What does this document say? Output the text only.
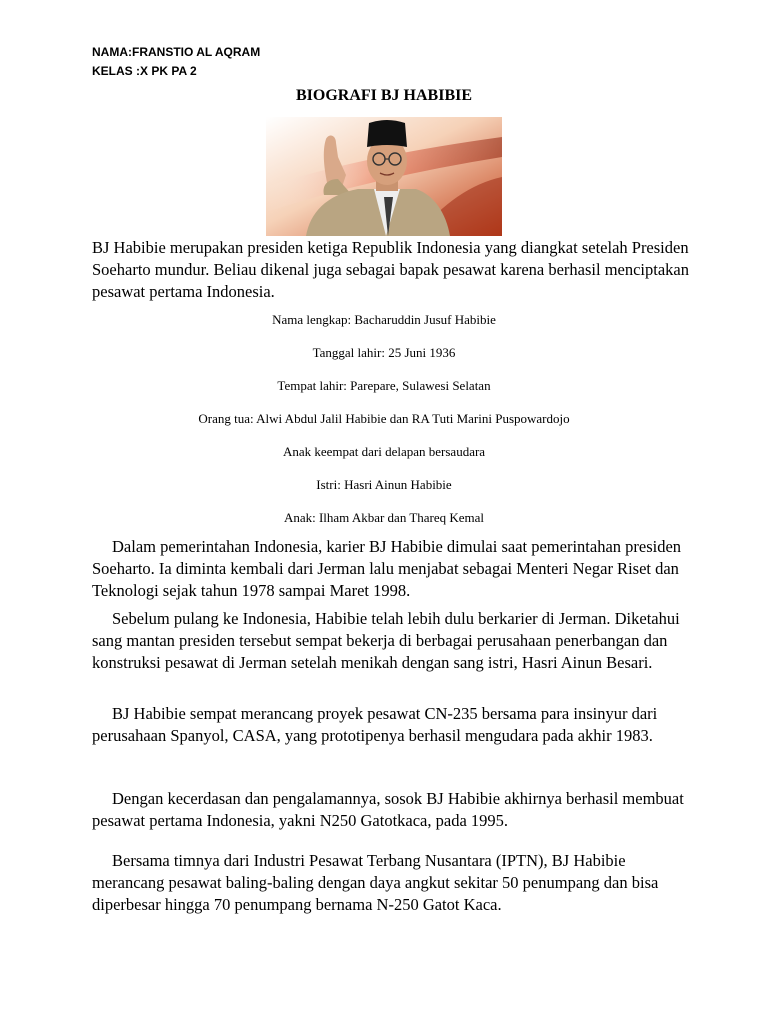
NAMA:FRANSTIO AL AQRAM
KELAS :X PK PA 2
BIOGRAFI BJ HABIBIE
BJ Habibie merupakan presiden ketiga Republik Indonesia yang diangkat setelah Presiden Soeharto mundur. Beliau dikenal juga sebagai bapak pesawat karena berhasil menciptakan pesawat pertama Indonesia.
Nama lengkap: Bacharuddin Jusuf Habibie
Tanggal lahir: 25 Juni 1936
Tempat lahir: Parepare, Sulawesi Selatan
Orang tua: Alwi Abdul Jalil Habibie dan RA Tuti Marini Puspowardojo
Anak keempat dari delapan bersaudara
Istri: Hasri Ainun Habibie
Anak: Ilham Akbar dan Thareq Kemal
Dalam pemerintahan Indonesia, karier BJ Habibie dimulai saat pemerintahan presiden Soeharto. Ia diminta kembali dari Jerman lalu menjabat sebagai Menteri Negar Riset dan Teknologi sejak tahun 1978 sampai Maret 1998.
Sebelum pulang ke Indonesia, Habibie telah lebih dulu berkarier di Jerman. Diketahui sang mantan presiden tersebut sempat bekerja di berbagai perusahaan penerbangan dan konstruksi pesawat di Jerman setelah menikah dengan sang istri, Hasri Ainun Besari.
BJ Habibie sempat merancang proyek pesawat CN-235 bersama para insinyur dari perusahaan Spanyol, CASA, yang prototipenya berhasil mengudara pada akhir 1983.
Dengan kecerdasan dan pengalamannya, sosok BJ Habibie akhirnya berhasil membuat pesawat pertama Indonesia, yakni N250 Gatotkaca, pada 1995.
Bersama timnya dari Industri Pesawat Terbang Nusantara (IPTN), BJ Habibie merancang pesawat baling-baling dengan daya angkut sekitar 50 penumpang dan bisa diperbesar hingga 70 penumpang bernama N-250 Gatot Kaca.
